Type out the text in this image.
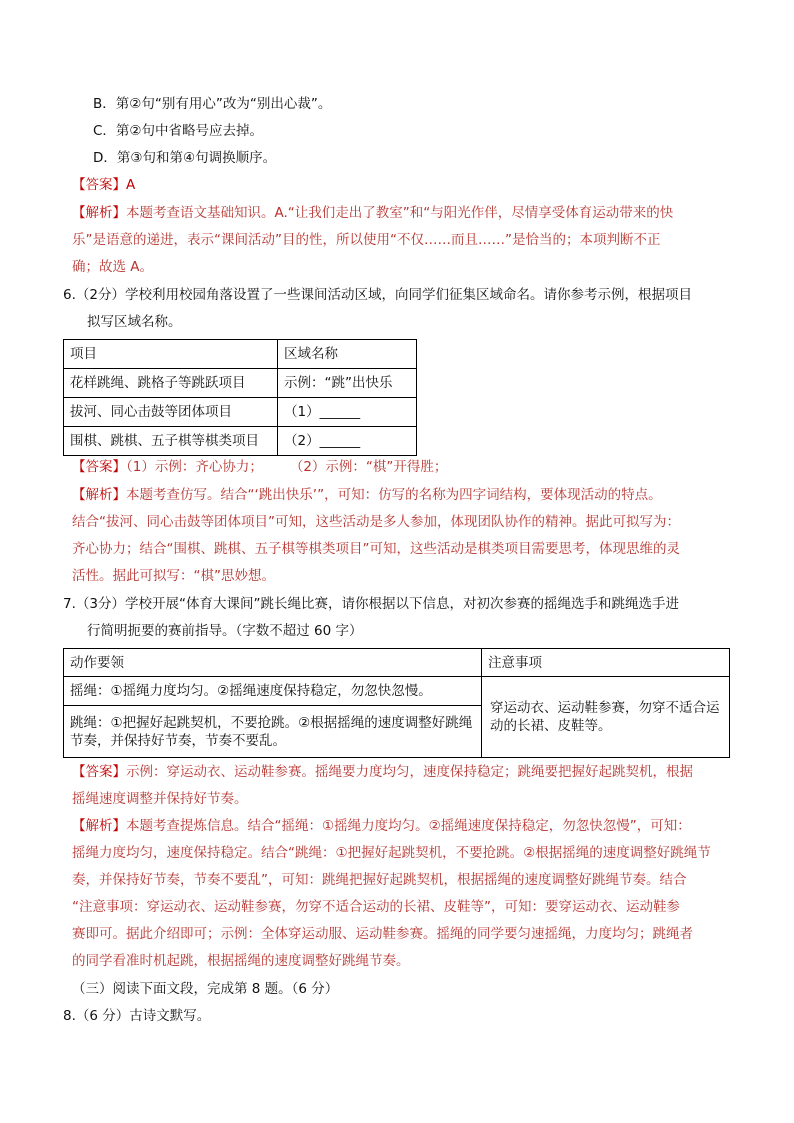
B．第②句“别有用心”改为“别出心裁”。
C．第②句中省略号应去掉。
D．第③句和第④句调换顺序。
【答案】A
【解析】本题考查语文基础知识。A.“让我们走出了教室”和“与阳光作伴，尽情享受体育运动带来的快
乐”是语意的递进，表示“课间活动”目的性，所以使用“不仅……而且……”是恰当的；本项判断不正
确；故选 A。
6.（2分）学校利用校园角落设置了一些课间活动区域，向同学们征集区域命名。请你参考示例，根据项目
拟写区域名称。
项目	区域名称
花样跳绳、跳格子等跳跃项目	示例：“跳”出快乐
拔河、同心击鼓等团体项目	（1）______
围棋、跳棋、五子棋等棋类项目	（2）______
【答案】（1）示例：齐心协力；　　　（2）示例：“棋”开得胜；
【解析】本题考查仿写。结合“‘跳出快乐’”，可知：仿写的名称为四字词结构，要体现活动的特点。
结合“拔河、同心击鼓等团体项目”可知，这些活动是多人参加，体现团队协作的精神。据此可拟写为：
齐心协力；结合“围棋、跳棋、五子棋等棋类项目”可知，这些活动是棋类项目需要思考，体现思维的灵
活性。据此可拟写：“棋”思妙想。
7.（3分）学校开展“体育大课间”跳长绳比赛，请你根据以下信息，对初次参赛的摇绳选手和跳绳选手进
行简明扼要的赛前指导。（字数不超过 60 字）
动作要领	注意事项
摇绳：①摇绳力度均匀。②摇绳速度保持稳定，勿忽快忽慢。	穿运动衣、运动鞋参赛，勿穿不适合运
动的长裙、皮鞋等。

跳绳：①把握好起跳契机，不要抢跳。②根据摇绳的速度调整好跳绳
节奏，并保持好节奏，节奏不要乱。	
【答案】示例：穿运动衣、运动鞋参赛。摇绳要力度均匀，速度保持稳定；跳绳要把握好起跳契机，根据
摇绳速度调整并保持好节奏。
【解析】本题考查提炼信息。结合“摇绳：①摇绳力度均匀。②摇绳速度保持稳定，勿忽快忽慢”，可知：
摇绳力度均匀，速度保持稳定。结合“跳绳：①把握好起跳契机，不要抢跳。②根据摇绳的速度调整好跳绳节
奏，并保持好节奏，节奏不要乱”，可知：跳绳把握好起跳契机，根据摇绳的速度调整好跳绳节奏。结合
“注意事项：穿运动衣、运动鞋参赛，勿穿不适合运动的长裙、皮鞋等”，可知：要穿运动衣、运动鞋参
赛即可。据此介绍即可；示例：全体穿运动服、运动鞋参赛。摇绳的同学要匀速摇绳，力度均匀；跳绳者
的同学看准时机起跳，根据摇绳的速度调整好跳绳节奏。
（三）阅读下面文段，完成第 8 题。（6 分）
8.（6 分）古诗文默写。
